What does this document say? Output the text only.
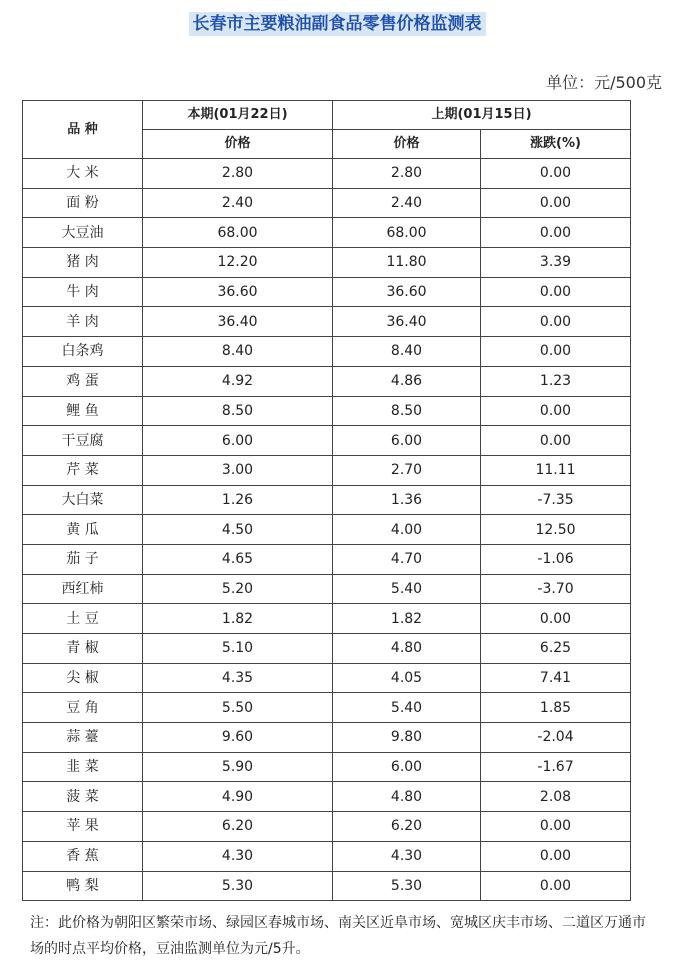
长春市主要粮油副食品零售价格监测表
单位：元/500克
品 种	本期(01月22日)	上期(01月15日)	
	价格	价格	涨跌(%)
大 米	2.80	2.80	0.00
面 粉	2.40	2.40	0.00
大豆油	68.00	68.00	0.00
猪 肉	12.20	11.80	3.39
牛 肉	36.60	36.60	0.00
羊 肉	36.40	36.40	0.00
白条鸡	8.40	8.40	0.00
鸡 蛋	4.92	4.86	1.23
鲤 鱼	8.50	8.50	0.00
干豆腐	6.00	6.00	0.00
芹 菜	3.00	2.70	11.11
大白菜	1.26	1.36	-7.35
黄 瓜	4.50	4.00	12.50
茄 子	4.65	4.70	-1.06
西红柿	5.20	5.40	-3.70
土 豆	1.82	1.82	0.00
青 椒	5.10	4.80	6.25
尖 椒	4.35	4.05	7.41
豆 角	5.50	5.40	1.85
蒜 薹	9.60	9.80	-2.04
韭 菜	5.90	6.00	-1.67
菠 菜	4.90	4.80	2.08
苹 果	6.20	6.20	0.00
香 蕉	4.30	4.30	0.00
鸭 梨	5.30	5.30	0.00
注：此价格为朝阳区繁荣市场、绿园区春城市场、南关区近阜市场、宽城区庆丰市场、二道区万通市场的时点平均价格，豆油监测单位为元/5升。
